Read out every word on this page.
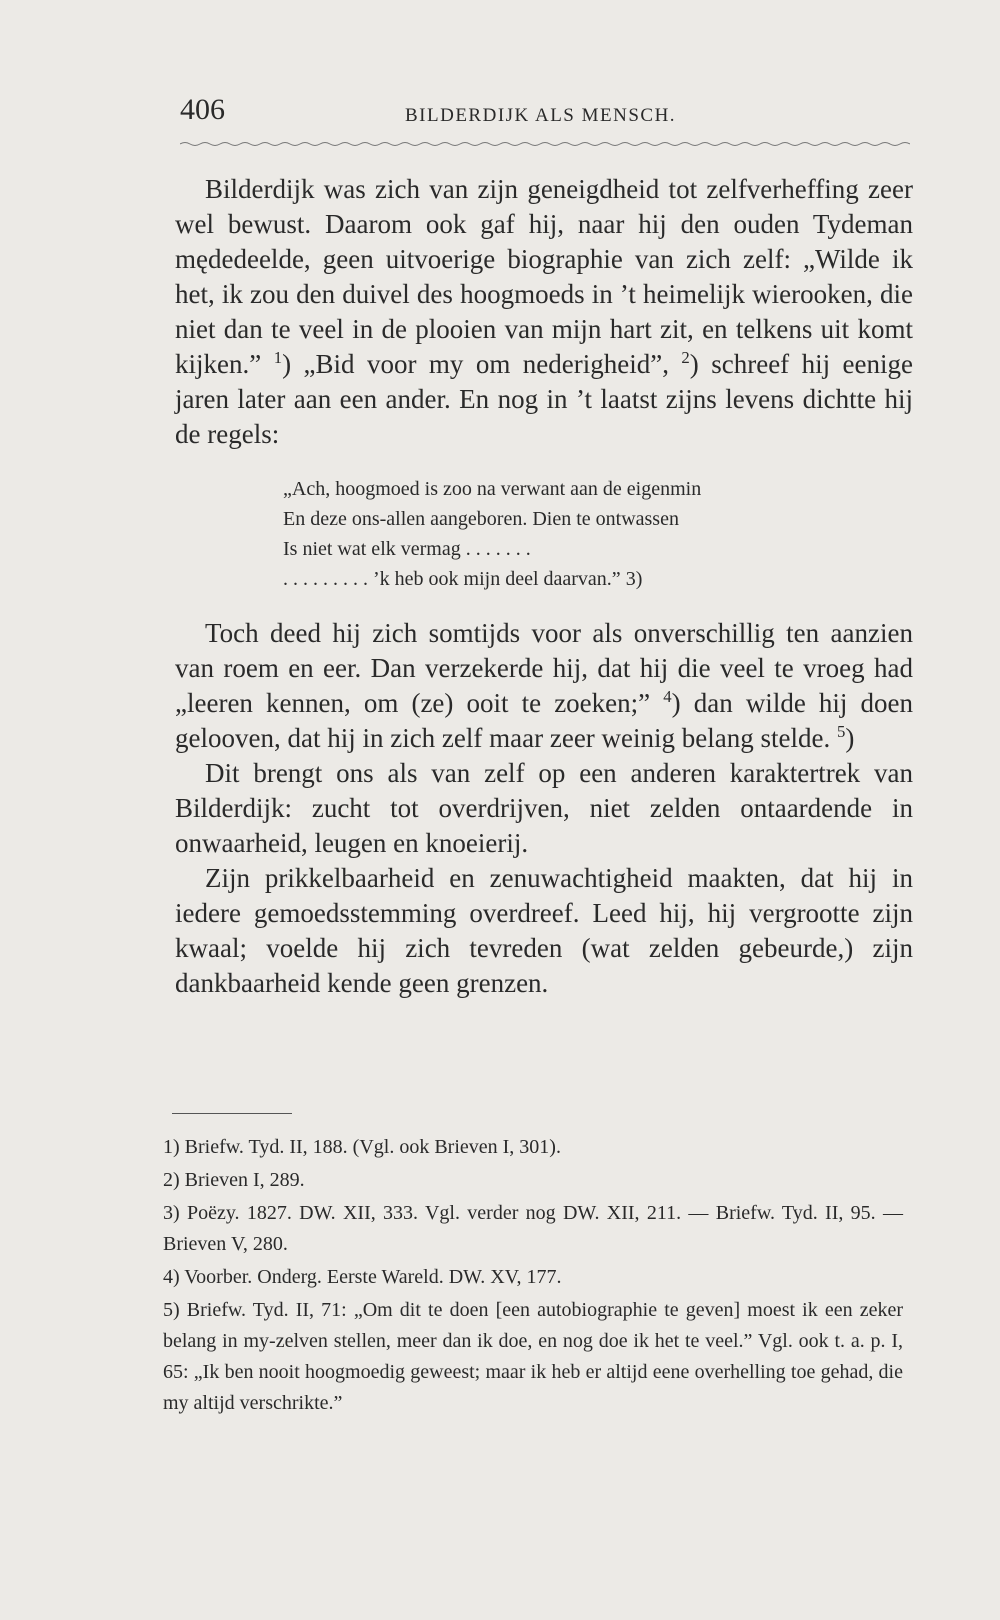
406	BILDERDIJK ALS MENSCH.

Bilderdijk was zich van zijn geneigdheid tot zelfverheffing zeer wel bewust. Daarom ook gaf hij, naar hij den ouden Tydeman mędedeelde, geen uitvoerige biographie van zich zelf: „Wilde ik het, ik zou den duivel des hoogmoeds in ’t heimelijk wierooken, die niet dan te veel in de plooien van mijn hart zit, en telkens uit komt kijken.” $^1$) „Bid voor my om nederigheid”, $^2$) schreef hij eenige jaren later aan een ander. En nog in ’t laatst zijns levens dichtte hij de regels:

„Ach, hoogmoed is zoo na verwant aan de eigenmin
En deze ons-allen aangeboren. Dien te ontwassen
Is niet wat elk vermag . . . . . . .
. . . . . . . . . ’k heb ook mijn deel daarvan.” 3)

Toch deed hij zich somtijds voor als onverschillig ten aanzien van roem en eer. Dan verzekerde hij, dat hij die veel te vroeg had „leeren kennen, om (ze) ooit te zoeken;” $^4$) dan wilde hij doen gelooven, dat hij in zich zelf maar zeer weinig belang stelde. $^5$)

Dit brengt ons als van zelf op een anderen karaktertrek van Bilderdijk: zucht tot overdrijven, niet zelden ontaardende in onwaarheid, leugen en knoeierij.

Zijn prikkelbaarheid en zenuwachtigheid maakten, dat hij in iedere gemoedsstemming overdreef. Leed hij, hij vergrootte zijn kwaal; voelde hij zich tevreden (wat zelden gebeurde,) zijn dankbaarheid kende geen grenzen.

1) Briefw. Tyd. II, 188. (Vgl. ook Brieven I, 301).
2) Brieven I, 289.
3) Poëzy. 1827. DW. XII, 333. Vgl. verder nog DW. XII, 211. — Briefw. Tyd. II, 95. — Brieven V, 280.
4) Voorber. Onderg. Eerste Wareld. DW. XV, 177.
5) Briefw. Tyd. II, 71: „Om dit te doen [een autobiographie te geven] moest ik een zeker belang in my-zelven stellen, meer dan ik doe, en nog doe ik het te veel.” Vgl. ook t. a. p. I, 65: „Ik ben nooit hoogmoedig geweest; maar ik heb er altijd eene overhelling toe gehad, die my altijd verschrikte.”
